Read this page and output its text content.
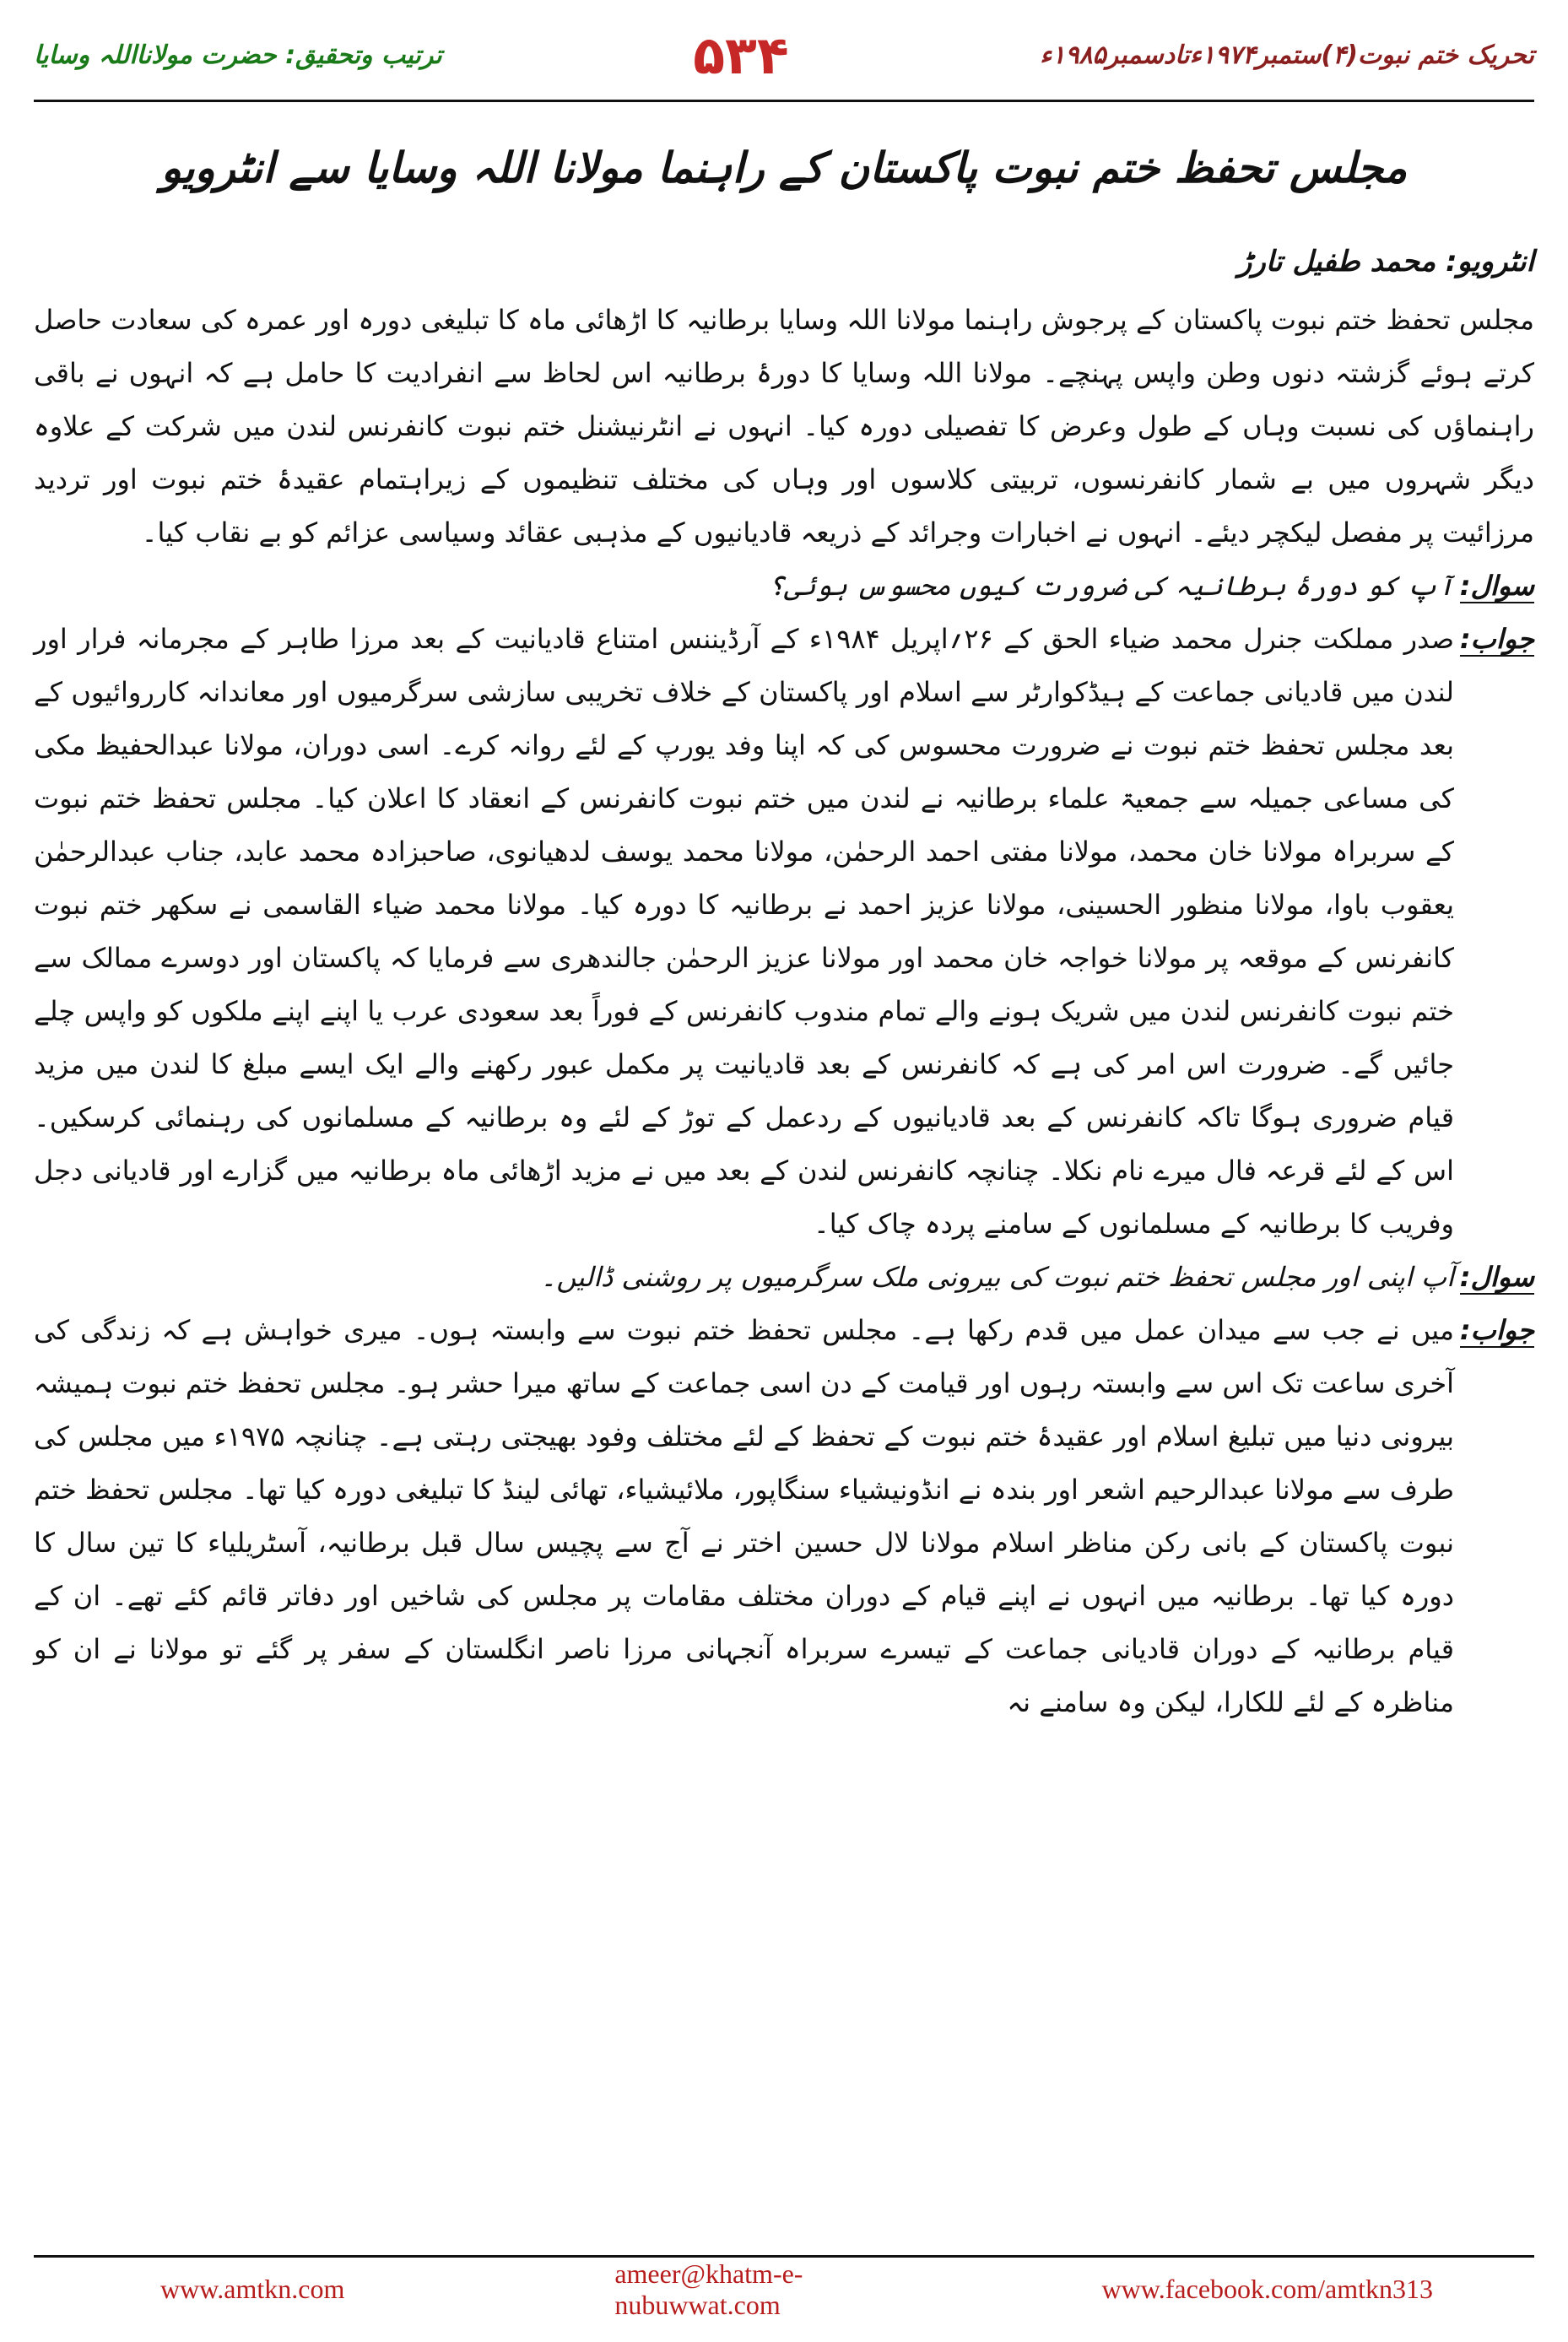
ترتیب وتحقیق: حضرت مولانااللہ وسایا	۵۳۴	تحریک ختم نبوت(۴)ستمبر۱۹۷۴ءتادسمبر۱۹۸۵ء
مجلس تحفظ ختم نبوت پاکستان کے راہنما مولانا اللہ وسایا سے انٹرویو

انٹرویو: محمد طفیل تارڑ

مجلس تحفظ ختم نبوت پاکستان کے پرجوش راہنما مولانا اللہ وسایا برطانیہ کا اڑھائی ماہ کا تبلیغی دورہ اور عمرہ کی سعادت حاصل کرتے ہوئے گزشتہ دنوں وطن واپس پہنچے۔ مولانا اللہ وسایا کا دورۂ برطانیہ اس لحاظ سے انفرادیت کا حامل ہے کہ انہوں نے باقی راہنماؤں کی نسبت وہاں کے طول وعرض کا تفصیلی دورہ کیا۔ انہوں نے انٹرنیشنل ختم نبوت کانفرنس لندن میں شرکت کے علاوہ دیگر شہروں میں بے شمار کانفرنسوں، تربیتی کلاسوں اور وہاں کی مختلف تنظیموں کے زیراہتمام عقیدۂ ختم نبوت اور تردید مرزائیت پر مفصل لیکچر دیئے۔ انہوں نے اخبارات وجرائد کے ذریعہ قادیانیوں کے مذہبی عقائد وسیاسی عزائم کو بے نقاب کیا۔

سوال:
آپ کو دورۂ برطانیہ کی ضرورت کیوں محسوس ہوئی؟
جواب:
صدر مملکت جنرل محمد ضیاء الحق کے ۲۶؍اپریل ۱۹۸۴ء کے آرڈیننس امتناع قادیانیت کے بعد مرزا طاہر کے مجرمانہ فرار اور لندن میں قادیانی جماعت کے ہیڈکوارٹر سے اسلام اور پاکستان کے خلاف تخریبی سازشی سرگرمیوں اور معاندانہ کارروائیوں کے بعد مجلس تحفظ ختم نبوت نے ضرورت محسوس کی کہ اپنا وفد یورپ کے لئے روانہ کرے۔ اسی دوران، مولانا عبدالحفیظ مکی کی مساعی جمیلہ سے جمعیۃ علماء برطانیہ نے لندن میں ختم نبوت کانفرنس کے انعقاد کا اعلان کیا۔ مجلس تحفظ ختم نبوت کے سربراہ مولانا خان محمد، مولانا مفتی احمد الرحمٰن، مولانا محمد یوسف لدھیانوی، صاحبزادہ محمد عابد، جناب عبدالرحمٰن یعقوب باوا، مولانا منظور الحسینی، مولانا عزیز احمد نے برطانیہ کا دورہ کیا۔ مولانا محمد ضیاء القاسمی نے سکھر ختم نبوت کانفرنس کے موقعہ پر مولانا خواجہ خان محمد اور مولانا عزیز الرحمٰن جالندھری سے فرمایا کہ پاکستان اور دوسرے ممالک سے ختم نبوت کانفرنس لندن میں شریک ہونے والے تمام مندوب کانفرنس کے فوراً بعد سعودی عرب یا اپنے اپنے ملکوں کو واپس چلے جائیں گے۔ ضرورت اس امر کی ہے کہ کانفرنس کے بعد قادیانیت پر مکمل عبور رکھنے والے ایک ایسے مبلغ کا لندن میں مزید قیام ضروری ہوگا تاکہ کانفرنس کے بعد قادیانیوں کے ردعمل کے توڑ کے لئے وہ برطانیہ کے مسلمانوں کی رہنمائی کرسکیں۔ اس کے لئے قرعہ فال میرے نام نکلا۔ چنانچہ کانفرنس لندن کے بعد میں نے مزید اڑھائی ماہ برطانیہ میں گزارے اور قادیانی دجل وفریب کا برطانیہ کے مسلمانوں کے سامنے پردہ چاک کیا۔
سوال:
آپ اپنی اور مجلس تحفظ ختم نبوت کی بیرونی ملک سرگرمیوں پر روشنی ڈالیں۔
جواب:
میں نے جب سے میدان عمل میں قدم رکھا ہے۔ مجلس تحفظ ختم نبوت سے وابستہ ہوں۔ میری خواہش ہے کہ زندگی کی آخری ساعت تک اس سے وابستہ رہوں اور قیامت کے دن اسی جماعت کے ساتھ میرا حشر ہو۔ مجلس تحفظ ختم نبوت ہمیشہ بیرونی دنیا میں تبلیغ اسلام اور عقیدۂ ختم نبوت کے تحفظ کے لئے مختلف وفود بھیجتی رہتی ہے۔ چنانچہ ۱۹۷۵ء میں مجلس کی طرف سے مولانا عبدالرحیم اشعر اور بندہ نے انڈونیشیاء سنگاپور، ملائیشیاء، تھائی لینڈ کا تبلیغی دورہ کیا تھا۔ مجلس تحفظ ختم نبوت پاکستان کے بانی رکن مناظر اسلام مولانا لال حسین اختر نے آج سے پچیس سال قبل برطانیہ، آسٹریلیاء کا تین سال کا دورہ کیا تھا۔ برطانیہ میں انہوں نے اپنے قیام کے دوران مختلف مقامات پر مجلس کی شاخیں اور دفاتر قائم کئے تھے۔ ان کے قیام برطانیہ کے دوران قادیانی جماعت کے تیسرے سربراہ آنجہانی مرزا ناصر انگلستان کے سفر پر گئے تو مولانا نے ان کو مناظرہ کے لئے للکارا، لیکن وہ سامنے نہ
www.amtkn.com
ameer@khatm-e-nubuwwat.com
www.facebook.com/amtkn313
